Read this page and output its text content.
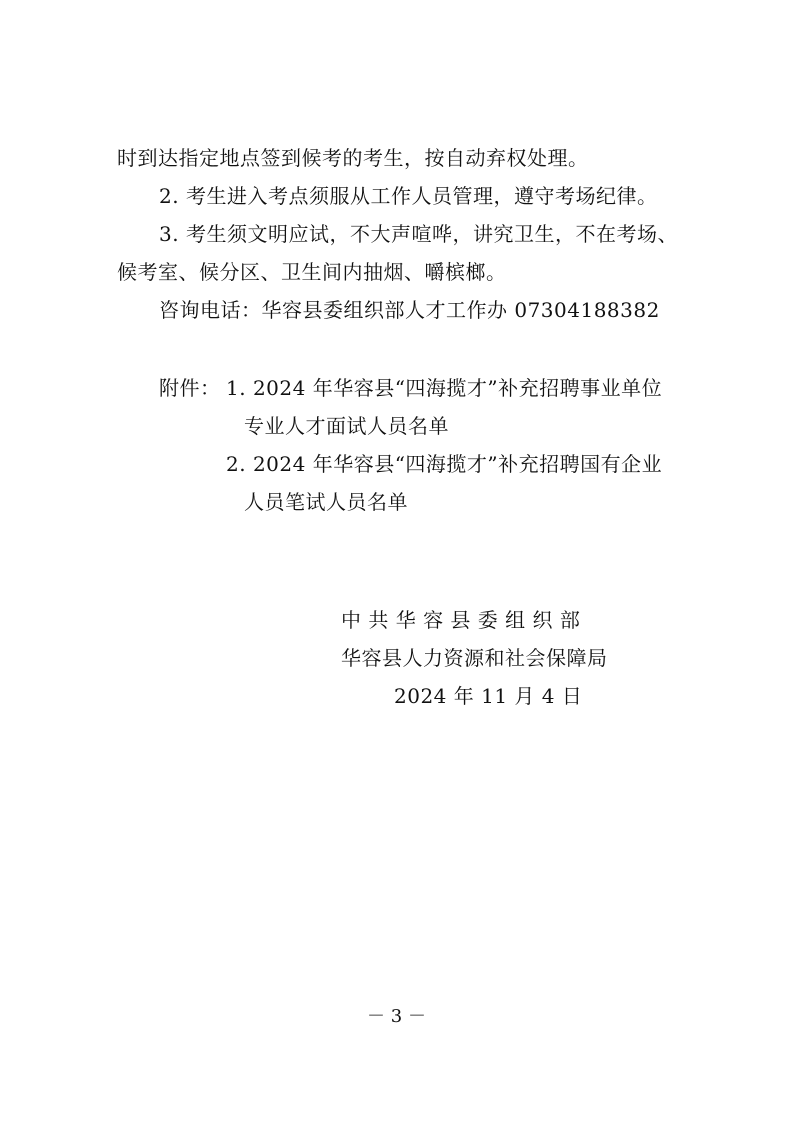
时到达指定地点签到候考的考生，按自动弃权处理。
2. 考生进入考点须服从工作人员管理，遵守考场纪律。
3. 考生须文明应试，不大声喧哗，讲究卫生，不在考场、
候考室、候分区、卫生间内抽烟、嚼槟榔。
咨询电话：华容县委组织部人才工作办 07304188382
附件： 1. 2024 年华容县“四海揽才”补充招聘事业单位
专业人才面试人员名单
2. 2024 年华容县“四海揽才”补充招聘国有企业
人员笔试人员名单
中 共 华 容 县 委 组 织 部
华容县人力资源和社会保障局
2024 年 11 月 4 日
－ 3 －
